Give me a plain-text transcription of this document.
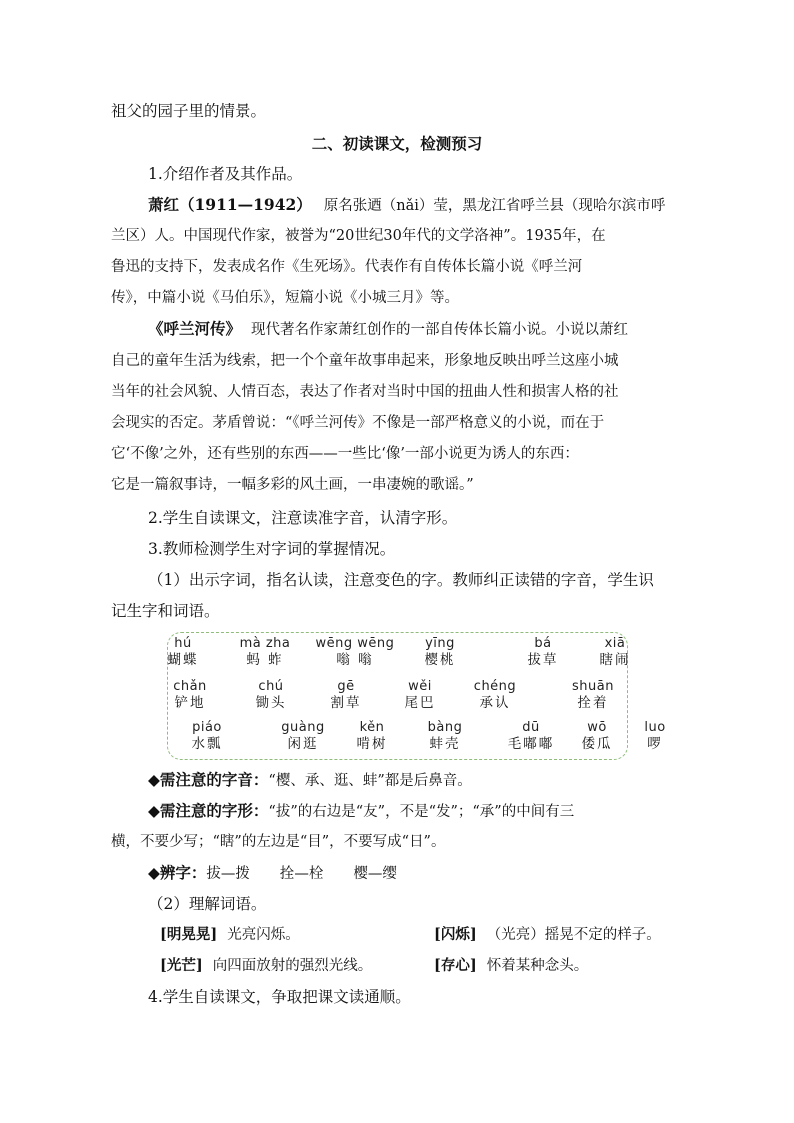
祖父的园子里的情景。
二、初读课文，检测预习
1.介绍作者及其作品。
萧红（1911—1942） 原名张迺（nǎi）莹，黑龙江省呼兰县（现哈尔滨市呼
兰区）人。中国现代作家，被誉为“20世纪30年代的文学洛神”。1935年，在
鲁迅的支持下，发表成名作《生死场》。代表作有自传体长篇小说《呼兰河
传》，中篇小说《马伯乐》，短篇小说《小城三月》等。
《呼兰河传》 现代著名作家萧红创作的一部自传体长篇小说。小说以萧红
自己的童年生活为线索，把一个个童年故事串起来，形象地反映出呼兰这座小城
当年的社会风貌、人情百态，表达了作者对当时中国的扭曲人性和损害人格的社
会现实的否定。茅盾曾说：“《呼兰河传》不像是一部严格意义的小说，而在于
它‘不像’之外，还有些别的东西——一些比‘像’一部小说更为诱人的东西：
它是一篇叙事诗，一幅多彩的风土画，一串凄婉的歌谣。”
2.学生自读课文，注意读准字音，认清字形。
3.教师检测学生对字词的掌握情况。
（1）出示字词，指名认读，注意变色的字。教师纠正读错的字音，学生识
记生字和词语。
hú
蝴蝶
mà zha
蚂 蚱
wēng wēng
嗡 嗡
yīng
樱桃
bá
拔草
xiā
瞎闹
chǎn
铲地
chú
锄头
gē
割草
wěi
尾巴
chéng
承认
shuān
拴着
piáo
水瓢
guàng
闲逛
kěn
啃树
bàng
蚌壳
dū
毛嘟嘟
wō
倭瓜
luo
啰
◆需注意的字音：“樱、承、逛、蚌”都是后鼻音。
◆需注意的字形：“拔”的右边是“友”，不是“发”；“承”的中间有三
横，不要少写；“瞎”的左边是“目”，不要写成“日”。
◆辨字：拔—拨 拴—栓 樱—缨
（2）理解词语。
[明晃晃] 光亮闪烁。	[闪烁] （光亮）摇晃不定的样子。
[光芒] 向四面放射的强烈光线。	[存心] 怀着某种念头。
4.学生自读课文，争取把课文读通顺。
